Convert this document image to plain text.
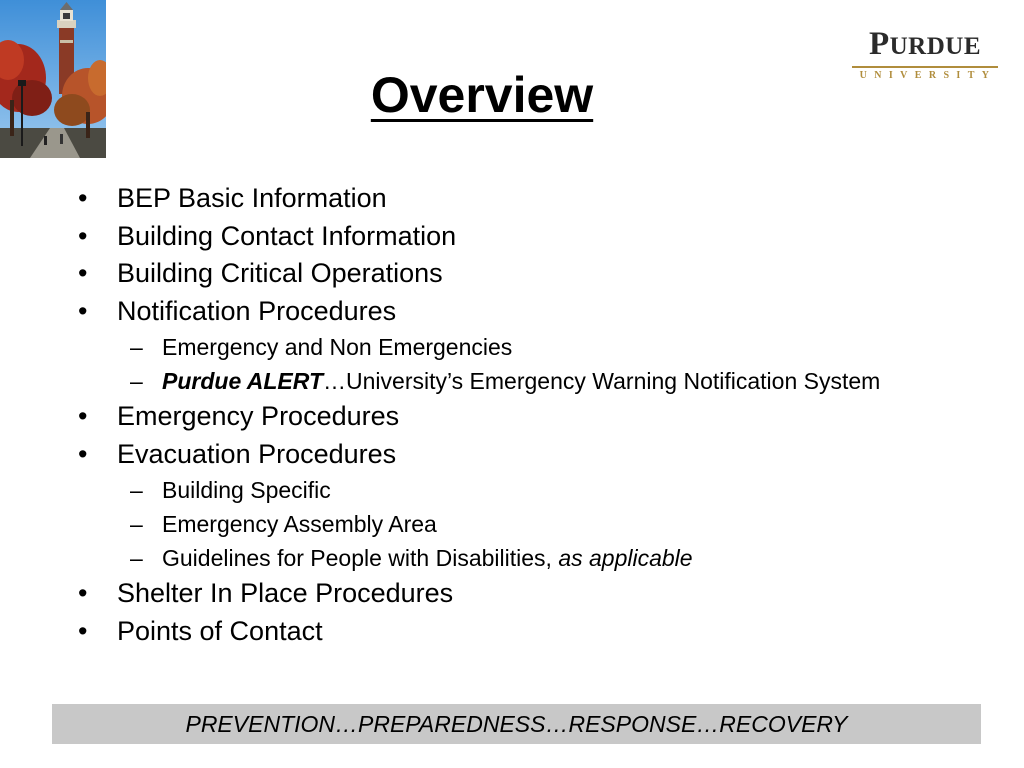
PURDUE
UNIVERSITY
Overview
• BEP Basic Information
• Building Contact Information
• Building Critical Operations
• Notification Procedures
– Emergency and Non Emergencies
– Purdue ALERT…University’s Emergency Warning Notification System
• Emergency Procedures
• Evacuation Procedures
– Building Specific
– Emergency Assembly Area
– Guidelines for People with Disabilities, as applicable
• Shelter In Place Procedures
• Points of Contact
PREVENTION…PREPAREDNESS…RESPONSE…RECOVERY
